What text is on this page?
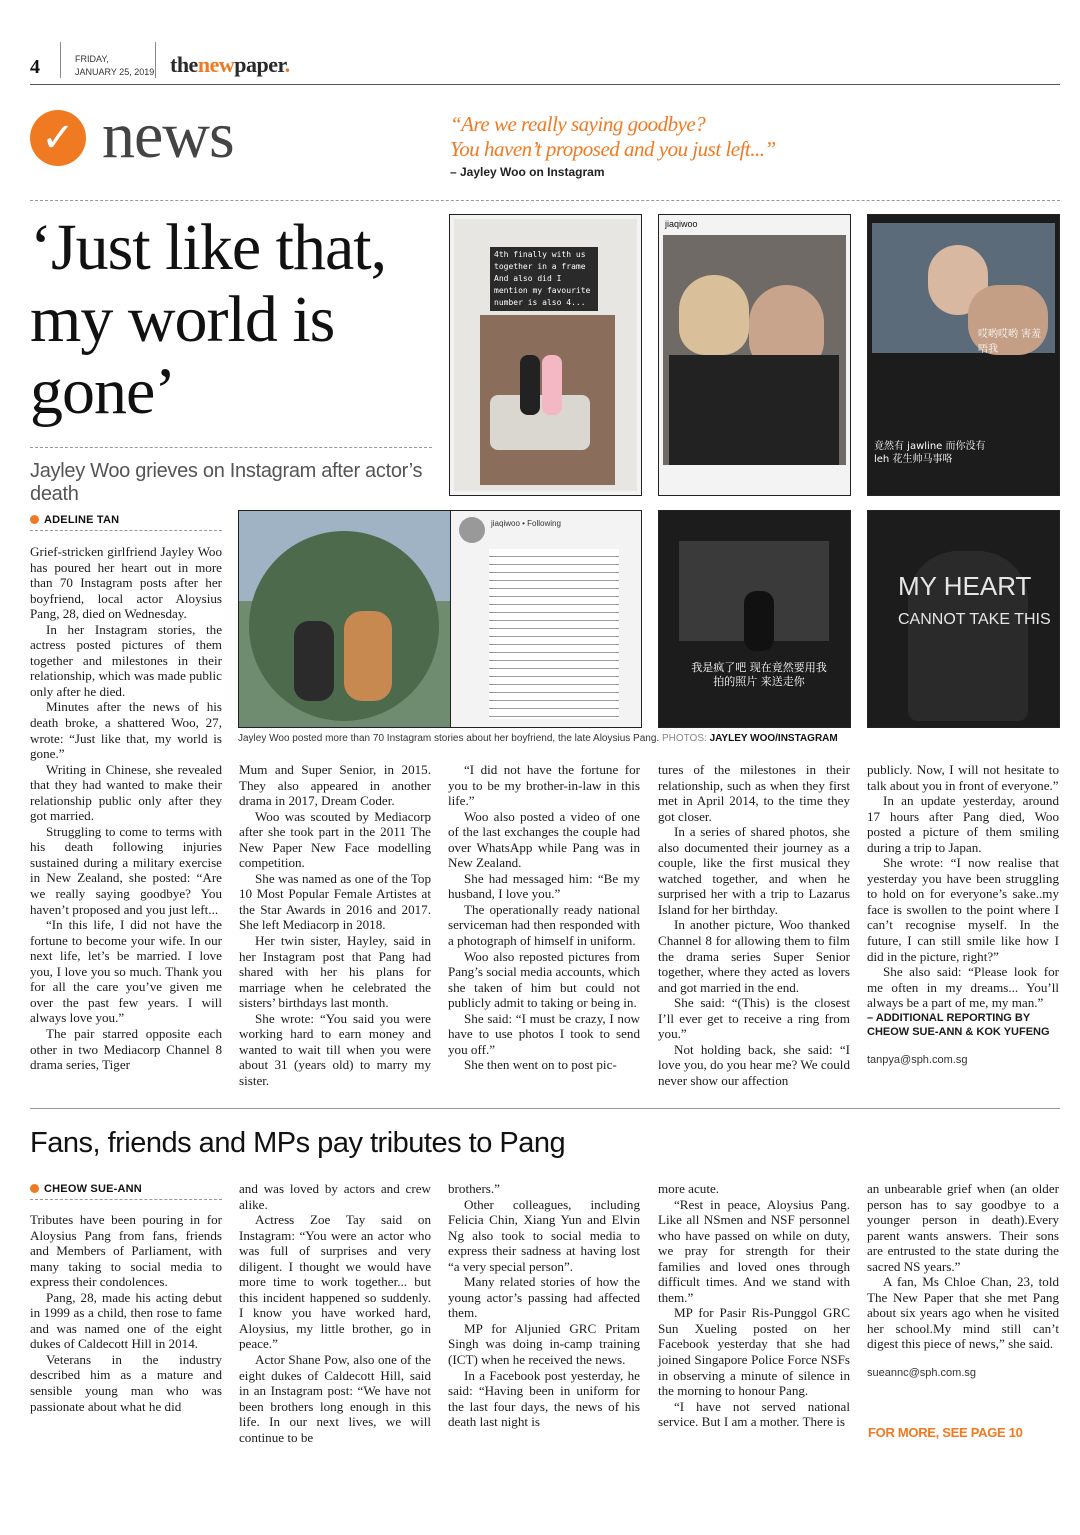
4	FRIDAY,
JANUARY 25, 2019 thenewpaper.
✓ news	“Are we really saying goodbye?
You haven’t proposed and you just left...”
– Jayley Woo on Instagram
‘Just like that, my world is gone’
Jayley Woo grieves on Instagram after actor’s death
4th finally with us together in a frame And also did I mention my favourite number is also 4...
jiaqiwoo
哎哟哎哟 害羞唔我
竟然有 jawline 而你没有 leh 花生帅马事咯
jiaqiwoo • Following
我是疯了吧 现在竟然要用我拍的照片 来送走你
MY HEART
CANNOT TAKE THIS
Jayley Woo posted more than 70 Instagram stories about her boyfriend, the late Aloysius Pang. PHOTOS: JAYLEY WOO/INSTAGRAM
ADELINE TAN

Grief-stricken girlfriend Jayley Woo has poured her heart out in more than 70 Instagram posts after her boyfriend, local actor Aloysius Pang, 28, died on Wednesday.

In her Instagram stories, the actress posted pictures of them together and milestones in their relationship, which was made public only after he died.

Minutes after the news of his death broke, a shattered Woo, 27, wrote: “Just like that, my world is gone.”

Writing in Chinese, she revealed that they had wanted to make their relationship public only after they got married.

Struggling to come to terms with his death following injuries sustained during a military exercise in New Zealand, she posted: “Are we really saying goodbye? You haven’t proposed and you just left...

“In this life, I did not have the fortune to become your wife. In our next life, let’s be married. I love you, I love you so much. Thank you for all the care you’ve given me over the past few years. I will always love you.”

The pair starred opposite each other in two Mediacorp Channel 8 drama series, Tiger

Mum and Super Senior, in 2015. They also appeared in another drama in 2017, Dream Coder.

Woo was scouted by Mediacorp after she took part in the 2011 The New Paper New Face modelling competition.

She was named as one of the Top 10 Most Popular Female Artistes at the Star Awards in 2016 and 2017. She left Mediacorp in 2018.

Her twin sister, Hayley, said in her Instagram post that Pang had shared with her his plans for marriage when he celebrated the sisters’ birthdays last month.

She wrote: “You said you were working hard to earn money and wanted to wait till when you were about 31 (years old) to marry my sister.

“I did not have the fortune for you to be my brother-in-law in this life.”

Woo also posted a video of one of the last exchanges the couple had over WhatsApp while Pang was in New Zealand.

She had messaged him: “Be my husband, I love you.”

The operationally ready national serviceman had then responded with a photograph of himself in uniform.

Woo also reposted pictures from Pang’s social media accounts, which she taken of him but could not publicly admit to taking or being in.

She said: “I must be crazy, I now have to use photos I took to send you off.”

She then went on to post pic-

tures of the milestones in their relationship, such as when they first met in April 2014, to the time they got closer.

In a series of shared photos, she also documented their journey as a couple, like the first musical they watched together, and when he surprised her with a trip to Lazarus Island for her birthday.

In another picture, Woo thanked Channel 8 for allowing them to film the drama series Super Senior together, where they acted as lovers and got married in the end.

She said: “(This) is the closest I’ll ever get to receive a ring from you.”

Not holding back, she said: “I love you, do you hear me? We could never show our affection

publicly. Now, I will not hesitate to talk about you in front of everyone.”

In an update yesterday, around 17 hours after Pang died, Woo posted a picture of them smiling during a trip to Japan.

She wrote: “I now realise that yesterday you have been struggling to hold on for everyone’s sake..my face is swollen to the point where I can’t recognise myself. In the future, I can still smile like how I did in the picture, right?”

She also said: “Please look for me often in my dreams... You’ll always be a part of me, my man.”

– ADDITIONAL REPORTING BY CHEOW SUE-ANN & KOK YUFENG
tanpya@sph.com.sg
Fans, friends and MPs pay tributes to Pang
CHEOW SUE-ANN

Tributes have been pouring in for Aloysius Pang from fans, friends and Members of Parliament, with many taking to social media to express their condolences.

Pang, 28, made his acting debut in 1999 as a child, then rose to fame and was named one of the eight dukes of Caldecott Hill in 2014.

Veterans in the industry described him as a mature and sensible young man who was passionate about what he did

and was loved by actors and crew alike.

Actress Zoe Tay said on Instagram: “You were an actor who was full of surprises and very diligent. I thought we would have more time to work together... but this incident happened so suddenly. I know you have worked hard, Aloysius, my little brother, go in peace.”

Actor Shane Pow, also one of the eight dukes of Caldecott Hill, said in an Instagram post: “We have not been brothers long enough in this life. In our next lives, we will continue to be

brothers.”

Other colleagues, including Felicia Chin, Xiang Yun and Elvin Ng also took to social media to express their sadness at having lost “a very special person”.

Many related stories of how the young actor’s passing had affected them.

MP for Aljunied GRC Pritam Singh was doing in-camp training (ICT) when he received the news.

In a Facebook post yesterday, he said: “Having been in uniform for the last four days, the news of his death last night is

more acute.

“Rest in peace, Aloysius Pang. Like all NSmen and NSF personnel who have passed on while on duty, we pray for strength for their families and loved ones through difficult times. And we stand with them.”

MP for Pasir Ris-Punggol GRC Sun Xueling posted on her Facebook yesterday that she had joined Singapore Police Force NSFs in observing a minute of silence in the morning to honour Pang.

“I have not served national service. But I am a mother. There is

an unbearable grief when (an older person has to say goodbye to a younger person in death).Every parent wants answers. Their sons are entrusted to the state during the sacred NS years.”

A fan, Ms Chloe Chan, 23, told The New Paper that she met Pang about six years ago when he visited her school.My mind still can’t digest this piece of news,” she said.

sueannc@sph.com.sg
FOR MORE, SEE PAGE 10
